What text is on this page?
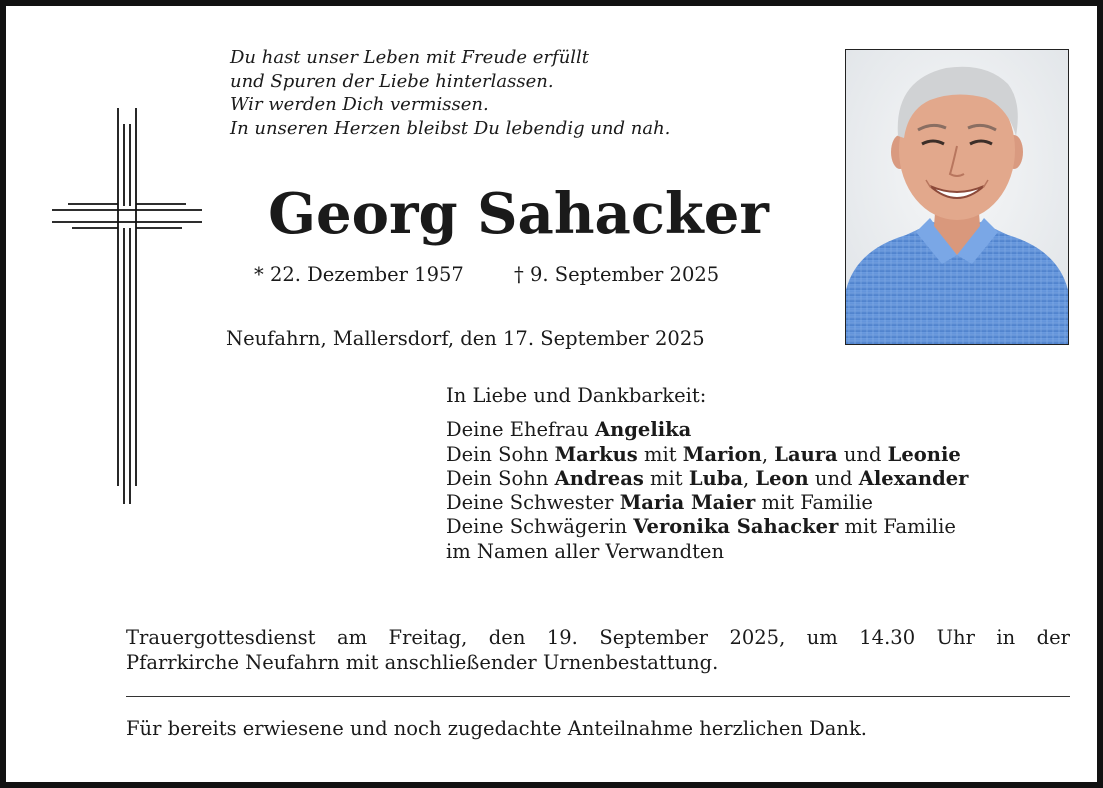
Du hast unser Leben mit Freude erfüllt
und Spuren der Liebe hinterlassen.
Wir werden Dich vermissen.
In unseren Herzen bleibst Du lebendig und nah.
Georg Sahacker
* 22. Dezember 1957	† 9. September 2025
Neufahrn, Mallersdorf, den 17. September 2025
In Liebe und Dankbarkeit:
Deine Ehefrau Angelika
Dein Sohn Markus mit Marion, Laura und Leonie
Dein Sohn Andreas mit Luba, Leon und Alexander
Deine Schwester Maria Maier mit Familie
Deine Schwägerin Veronika Sahacker mit Familie
im Namen aller Verwandten
Trauergottesdienst am Freitag, den 19. September 2025, um 14.30 Uhr in der
Pfarrkirche Neufahrn mit anschließender Urnenbestattung.
Für bereits erwiesene und noch zugedachte Anteilnahme herzlichen Dank.
